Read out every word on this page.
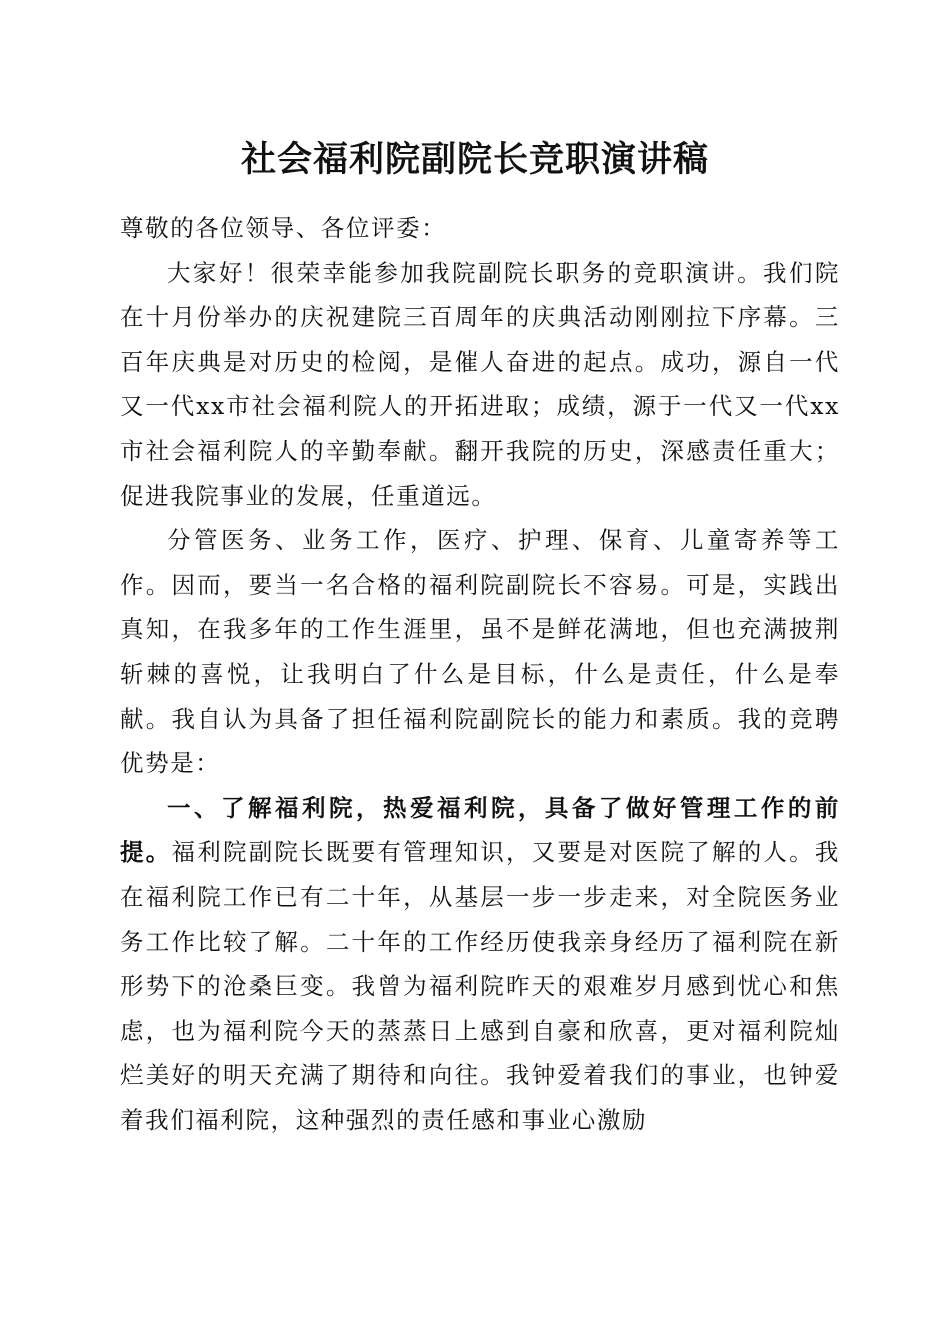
社会福利院副院长竞职演讲稿

尊敬的各位领导、各位评委：

大家好！很荣幸能参加我院副院长职务的竞职演讲。我们院在十月份举办的庆祝建院三百周年的庆典活动刚刚拉下序幕。三百年庆典是对历史的检阅，是催人奋进的起点。成功，源自一代又一代xx市社会福利院人的开拓进取；成绩，源于一代又一代xx市社会福利院人的辛勤奉献。翻开我院的历史，深感责任重大；促进我院事业的发展，任重道远。

分管医务、业务工作，医疗、护理、保育、儿童寄养等工作。因而，要当一名合格的福利院副院长不容易。可是，实践出真知，在我多年的工作生涯里，虽不是鲜花满地，但也充满披荆斩棘的喜悦，让我明白了什么是目标，什么是责任，什么是奉献。我自认为具备了担任福利院副院长的能力和素质。我的竞聘优势是：

一、了解福利院，热爱福利院，具备了做好管理工作的前提。福利院副院长既要有管理知识，又要是对医院了解的人。我在福利院工作已有二十年，从基层一步一步走来，对全院医务业务工作比较了解。二十年的工作经历使我亲身经历了福利院在新形势下的沧桑巨变。我曾为福利院昨天的艰难岁月感到忧心和焦虑，也为福利院今天的蒸蒸日上感到自豪和欣喜，更对福利院灿烂美好的明天充满了期待和向往。我钟爱着我们的事业，也钟爱着我们福利院，这种强烈的责任感和事业心激励
